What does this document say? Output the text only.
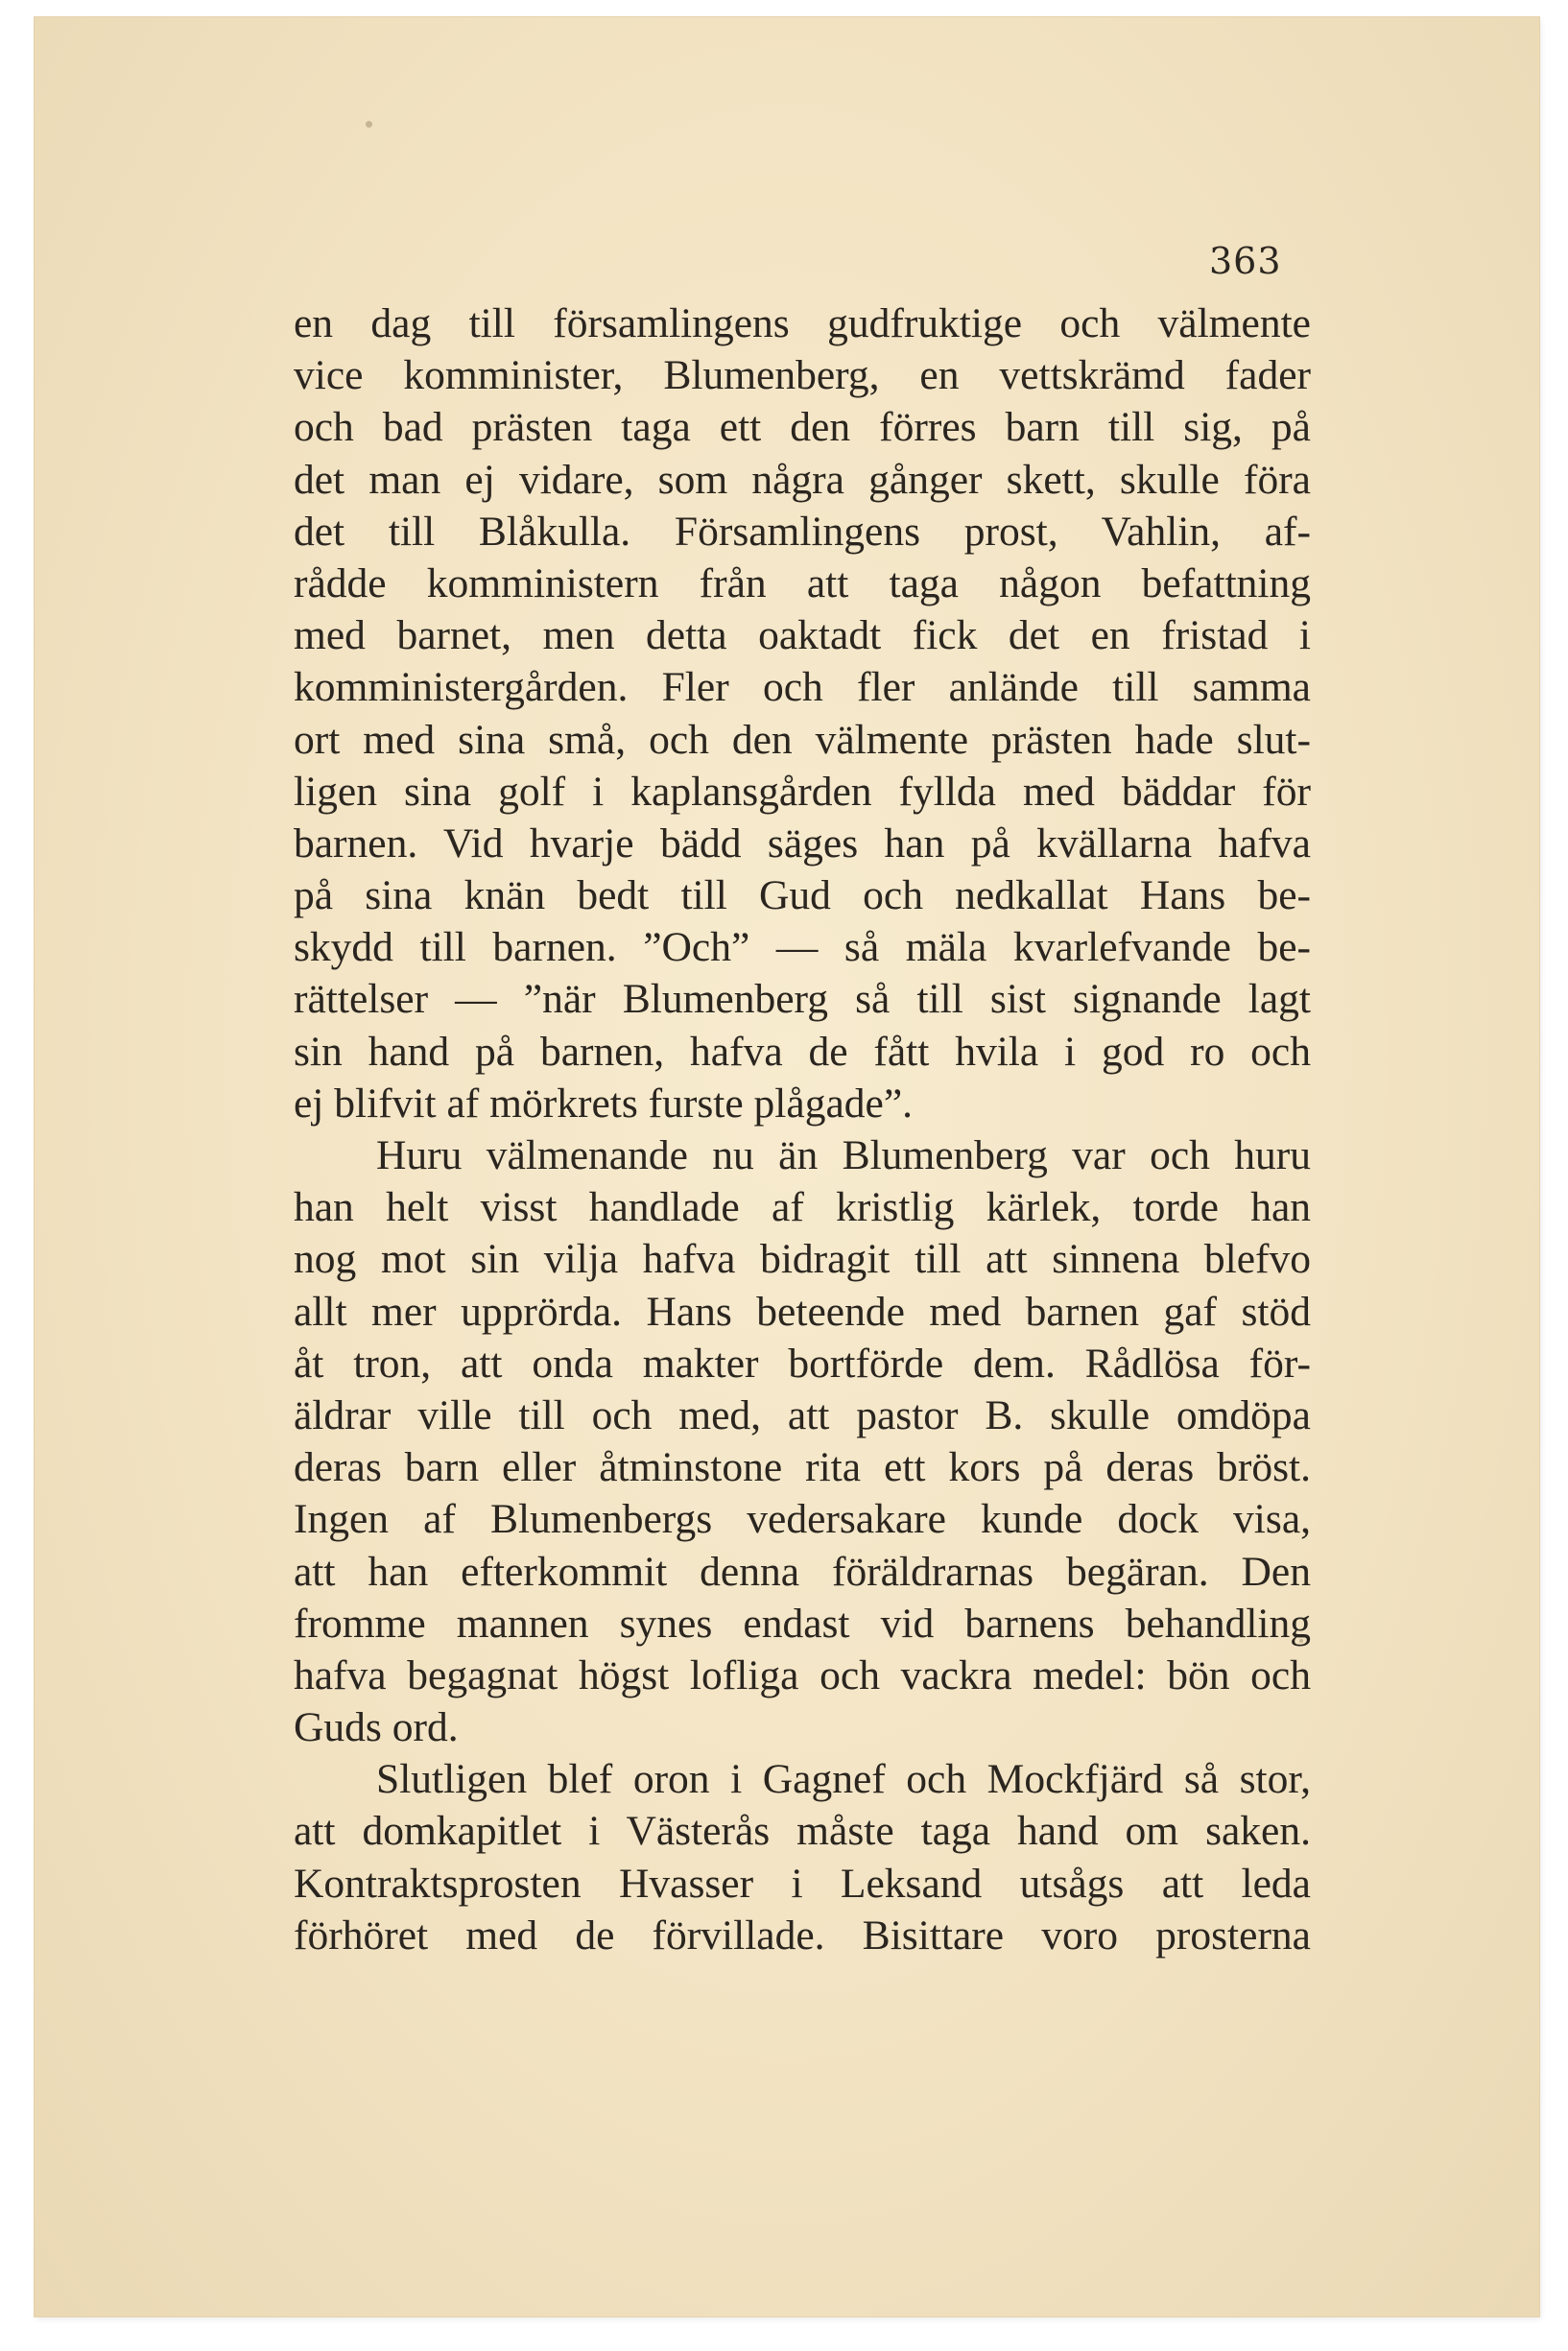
363
en dag till församlingens gudfruktige och välmente
vice komminister, Blumenberg, en vettskrämd fader
och bad prästen taga ett den förres barn till sig, på
det man ej vidare, som några gånger skett, skulle föra
det till Blåkulla. Församlingens prost, Vahlin, af-
rådde komministern från att taga någon befattning
med barnet, men detta oaktadt fick det en fristad i
komministergården. Fler och fler anlände till samma
ort med sina små, och den välmente prästen hade slut-
ligen sina golf i kaplansgården fyllda med bäddar för
barnen. Vid hvarje bädd säges han på kvällarna hafva
på sina knän bedt till Gud och nedkallat Hans be-
skydd till barnen. ”Och” — så mäla kvarlefvande be-
rättelser — ”när Blumenberg så till sist signande lagt
sin hand på barnen, hafva de fått hvila i god ro och
ej blifvit af mörkrets furste plågade”.
Huru välmenande nu än Blumenberg var och huru
han helt visst handlade af kristlig kärlek, torde han
nog mot sin vilja hafva bidragit till att sinnena blefvo
allt mer upprörda. Hans beteende med barnen gaf stöd
åt tron, att onda makter bortförde dem. Rådlösa för-
äldrar ville till och med, att pastor B. skulle omdöpa
deras barn eller åtminstone rita ett kors på deras bröst.
Ingen af Blumenbergs vedersakare kunde dock visa,
att han efterkommit denna föräldrarnas begäran. Den
fromme mannen synes endast vid barnens behandling
hafva begagnat högst lofliga och vackra medel: bön och
Guds ord.
Slutligen blef oron i Gagnef och Mockfjärd så stor,
att domkapitlet i Västerås måste taga hand om saken.
Kontraktsprosten Hvasser i Leksand utsågs att leda
förhöret med de förvillade. Bisittare voro prosterna
